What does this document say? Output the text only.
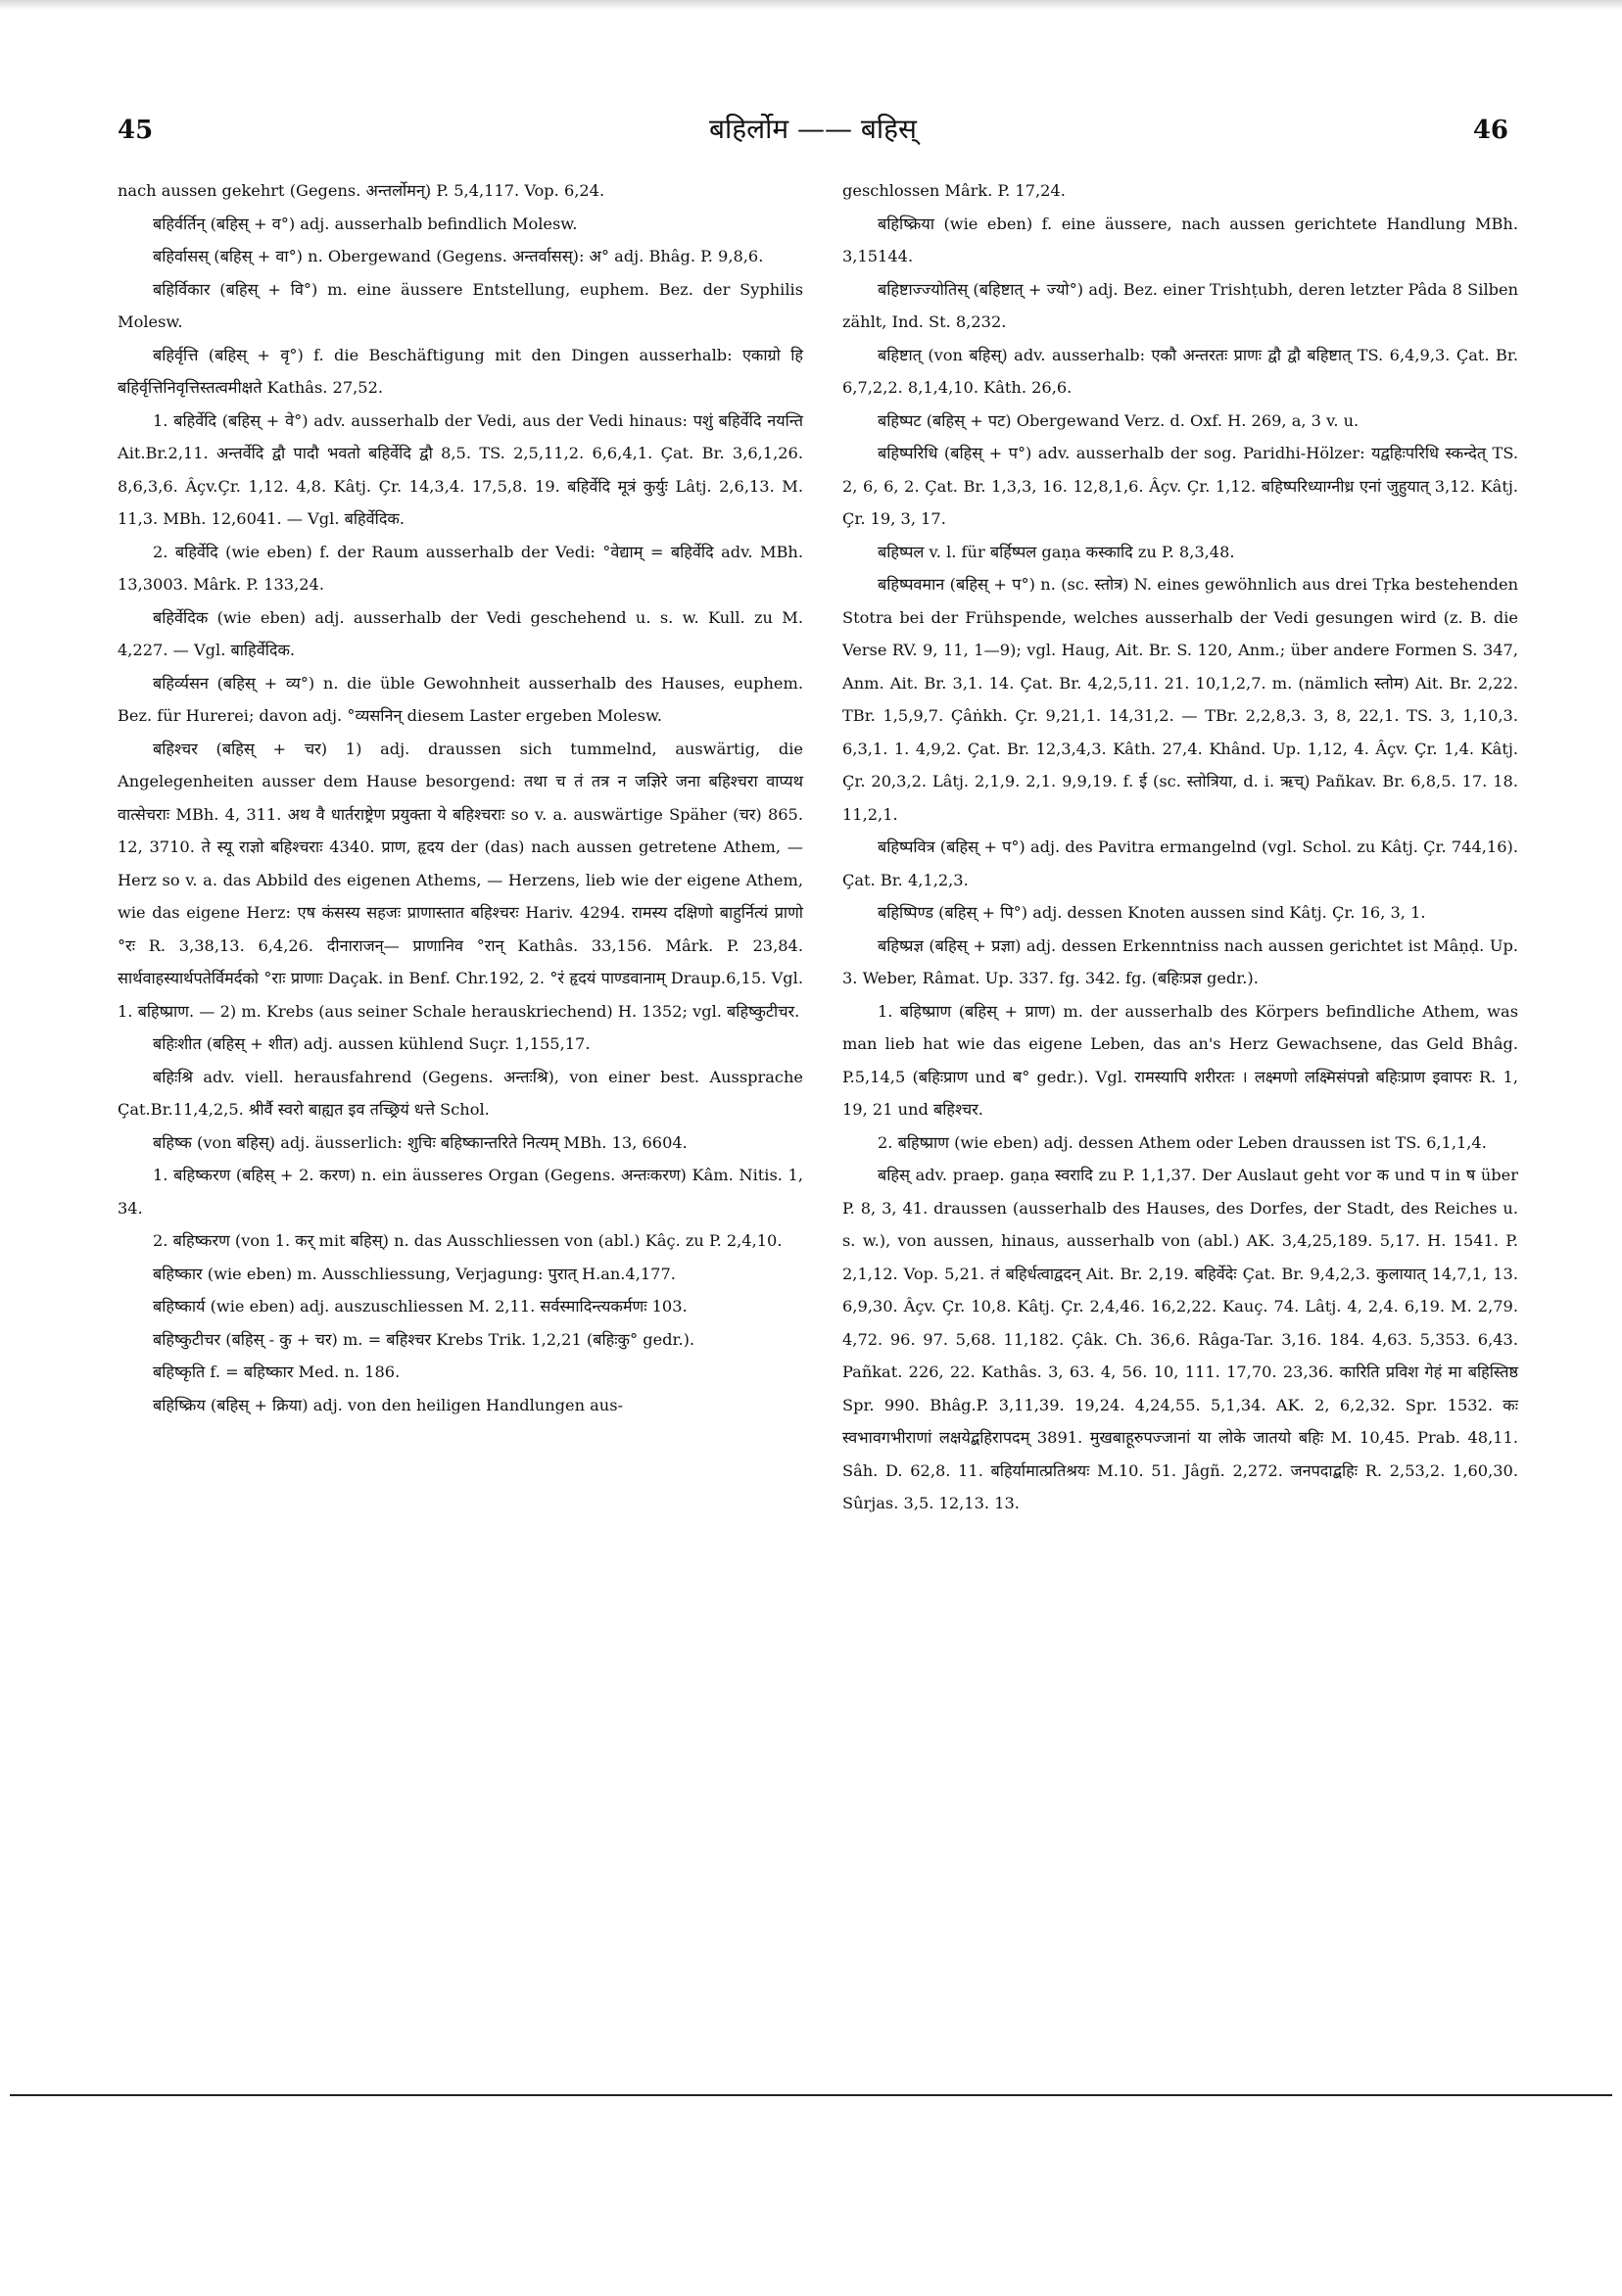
45	बहिर्लोम —— बहिस्	46

nach aussen gekehrt (Gegens. अन्तर्लोमन्) P. 5,4,117. Vop. 6,24.

बहिर्वर्तिन् (बहिस् + व°) adj. ausserhalb befindlich Molesw.

बहिर्वासस् (बहिस् + वा°) n. Obergewand (Gegens. अन्तर्वासस्): अ° adj. Bhâg. P. 9,8,6.

बहिर्विकार (बहिस् + वि°) m. eine äussere Entstellung, euphem. Bez. der Syphilis Molesw.

बहिर्वृत्ति (बहिस् + वृ°) f. die Beschäftigung mit den Dingen ausserhalb: एकाग्रो हि बहिर्वृत्तिनिवृत्तिस्तत्वमीक्षते Kathâs. 27,52.

1. बहिर्वेदि (बहिस् + वे°) adv. ausserhalb der Vedi, aus der Vedi hinaus: पशुं बहिर्वेदि नयन्ति Ait.Br.2,11. अन्तर्वेदि द्वौ पादौ भवतो बहिर्वेदि द्वौ 8,5. TS. 2,5,11,2. 6,6,4,1. Çat. Br. 3,6,1,26. 8,6,3,6. Âçv.Çr. 1,12. 4,8. Kâtj. Çr. 14,3,4. 17,5,8. 19. बहिर्वेदि मूत्रं कुर्युः Lâtj. 2,6,13. M. 11,3. MBh. 12,6041. — Vgl. बहिर्वेदिक.

2. बहिर्वेदि (wie eben) f. der Raum ausserhalb der Vedi: °वेद्याम् = बहिर्वेदि adv. MBh. 13,3003. Mârk. P. 133,24.

बहिर्वेदिक (wie eben) adj. ausserhalb der Vedi geschehend u. s. w. Kull. zu M. 4,227. — Vgl. बाहिर्वेदिक.

बहिर्व्यसन (बहिस् + व्य°) n. die üble Gewohnheit ausserhalb des Hauses, euphem. Bez. für Hurerei; davon adj. °व्यसनिन् diesem Laster ergeben Molesw.

बहिश्चर (बहिस् + चर) 1) adj. draussen sich tummelnd, auswärtig, die Angelegenheiten ausser dem Hause besorgend: तथा च तं तत्र न जज्ञिरे जना बहिश्चरा वाप्यथ वात्सेचराः MBh. 4, 311. अथ वै धार्तराष्ट्रेण प्रयुक्ता ये बहिश्चराः so v. a. auswärtige Späher (चर) 865. 12, 3710. ते स्यू राज्ञो बहिश्चराः 4340. प्राण, हृदय der (das) nach aussen getretene Athem, — Herz so v. a. das Abbild des eigenen Athems, — Herzens, lieb wie der eigene Athem, wie das eigene Herz: एष कंसस्य सहजः प्राणास्तात बहिश्चरः Hariv. 4294. रामस्य दक्षिणो बाहुर्नित्यं प्राणो °रः R. 3,38,13. 6,4,26. दीनाराजन्— प्राणानिव °रान् Kathâs. 33,156. Mârk. P. 23,84. सार्थवाहस्यार्थपतेर्विमर्दको °राः प्राणाः Daçak. in Benf. Chr.192, 2. °रं हृदयं पाण्डवानाम् Draup.6,15. Vgl. 1. बहिष्प्राण. — 2) m. Krebs (aus seiner Schale herauskriechend) H. 1352; vgl. बहिष्कुटीचर.

बहिःशीत (बहिस् + शीत) adj. aussen kühlend Suçr. 1,155,17.

बहिःश्रि adv. viell. herausfahrend (Gegens. अन्तःश्रि), von einer best. Aussprache Çat.Br.11,4,2,5. श्रीर्वै स्वरो बाह्यत इव तच्छ्रियं धत्ते Schol.

बहिष्क (von बहिस्) adj. äusserlich: शुचिः बहिष्कान्तरिते नित्यम् MBh. 13, 6604.

1. बहिष्करण (बहिस् + 2. करण) n. ein äusseres Organ (Gegens. अन्तःकरण) Kâm. Nitis. 1, 34.

2. बहिष्करण (von 1. कर् mit बहिस्) n. das Ausschliessen von (abl.) Kâç. zu P. 2,4,10.

बहिष्कार (wie eben) m. Ausschliessung, Verjagung: पुरात् H.an.4,177.

बहिष्कार्य (wie eben) adj. auszuschliessen M. 2,11. सर्वस्मादिन्त्यकर्मणः 103.

बहिष्कुटीचर (बहिस् - कु + चर) m. = बहिश्चर Krebs Trik. 1,2,21 (बहिःकु° gedr.).

बहिष्कृति f. = बहिष्कार Med. n. 186.

बहिष्क्रिय (बहिस् + क्रिया) adj. von den heiligen Handlungen aus-

geschlossen Mârk. P. 17,24.

बहिष्क्रिया (wie eben) f. eine äussere, nach aussen gerichtete Handlung MBh. 3,15144.

बहिष्टाज्ज्योतिस् (बहिष्टात् + ज्यो°) adj. Bez. einer Trishṭubh, deren letzter Pâda 8 Silben zählt, Ind. St. 8,232.

बहिष्टात् (von बहिस्) adv. ausserhalb: एकौ अन्तरतः प्राणः द्वौ द्वौ बहिष्टात् TS. 6,4,9,3. Çat. Br. 6,7,2,2. 8,1,4,10. Kâth. 26,6.

बहिष्पट (बहिस् + पट) Obergewand Verz. d. Oxf. H. 269, a, 3 v. u.

बहिष्परिधि (बहिस् + प°) adv. ausserhalb der sog. Paridhi-Hölzer: यद्वहिःपरिधि स्कन्देत् TS. 2, 6, 6, 2. Çat. Br. 1,3,3, 16. 12,8,1,6. Âçv. Çr. 1,12. बहिष्परिध्याग्नीध्र एनां जुहुयात् 3,12. Kâtj. Çr. 19, 3, 17.

बहिष्पल v. l. für बर्हिष्पल gaṇa कस्कादि zu P. 8,3,48.

बहिष्पवमान (बहिस् + प°) n. (sc. स्तोत्र) N. eines gewöhnlich aus drei Tṛka bestehenden Stotra bei der Frühspende, welches ausserhalb der Vedi gesungen wird (z. B. die Verse RV. 9, 11, 1—9); vgl. Haug, Ait. Br. S. 120, Anm.; über andere Formen S. 347, Anm. Ait. Br. 3,1. 14. Çat. Br. 4,2,5,11. 21. 10,1,2,7. m. (nämlich स्तोम) Ait. Br. 2,22. TBr. 1,5,9,7. Çâṅkh. Çr. 9,21,1. 14,31,2. — TBr. 2,2,8,3. 3, 8, 22,1. TS. 3, 1,10,3. 6,3,1. 1. 4,9,2. Çat. Br. 12,3,4,3. Kâth. 27,4. Khând. Up. 1,12, 4. Âçv. Çr. 1,4. Kâtj. Çr. 20,3,2. Lâtj. 2,1,9. 2,1. 9,9,19. f. ई (sc. स्तोत्रिया, d. i. ऋच्) Pañkav. Br. 6,8,5. 17. 18. 11,2,1.

बहिष्पवित्र (बहिस् + प°) adj. des Pavitra ermangelnd (vgl. Schol. zu Kâtj. Çr. 744,16). Çat. Br. 4,1,2,3.

बहिष्पिण्ड (बहिस् + पि°) adj. dessen Knoten aussen sind Kâtj. Çr. 16, 3, 1.

बहिष्प्रज्ञ (बहिस् + प्रज्ञा) adj. dessen Erkenntniss nach aussen gerichtet ist Mâṇḍ. Up. 3. Weber, Râmat. Up. 337. fg. 342. fg. (बहिःप्रज्ञ gedr.).

1. बहिष्प्राण (बहिस् + प्राण) m. der ausserhalb des Körpers befindliche Athem, was man lieb hat wie das eigene Leben, das an's Herz Gewachsene, das Geld Bhâg. P.5,14,5 (बहिःप्राण und ब° gedr.). Vgl. रामस्यापि शरीरतः । लक्ष्मणो लक्ष्मिसंपन्नो बहिःप्राण इवापरः R. 1, 19, 21 und बहिश्चर.

2. बहिष्प्राण (wie eben) adj. dessen Athem oder Leben draussen ist TS. 6,1,1,4.

बहिस् adv. praep. gaṇa स्वरादि zu P. 1,1,37. Der Auslaut geht vor क und प in ष über P. 8, 3, 41. draussen (ausserhalb des Hauses, des Dorfes, der Stadt, des Reiches u. s. w.), von aussen, hinaus, ausserhalb von (abl.) AK. 3,4,25,189. 5,17. H. 1541. P. 2,1,12. Vop. 5,21. तं बहिर्धत्वाद्वदन् Ait. Br. 2,19. बहिर्वेदेः Çat. Br. 9,4,2,3. कुलायात् 14,7,1, 13. 6,9,30. Âçv. Çr. 10,8. Kâtj. Çr. 2,4,46. 16,2,22. Kauç. 74. Lâtj. 4, 2,4. 6,19. M. 2,79. 4,72. 96. 97. 5,68. 11,182. Çâk. Ch. 36,6. Râga-Tar. 3,16. 184. 4,63. 5,353. 6,43. Pañkat. 226, 22. Kathâs. 3, 63. 4, 56. 10, 111. 17,70. 23,36. कारिति प्रविश गेहं मा बहिस्तिष्ठ Spr. 990. Bhâg.P. 3,11,39. 19,24. 4,24,55. 5,1,34. AK. 2, 6,2,32. Spr. 1532. कः स्वभावगभीराणां लक्षयेद्बहिरापदम् 3891. मुखबाहूरुपज्जानां या लोके जातयो बहिः M. 10,45. Prab. 48,11. Sâh. D. 62,8. 11. बहिर्यामात्प्रतिश्रयः M.10. 51. Jâgñ. 2,272. जनपदाद्बहिः R. 2,53,2. 1,60,30. Sûrjas. 3,5. 12,13. 13.
